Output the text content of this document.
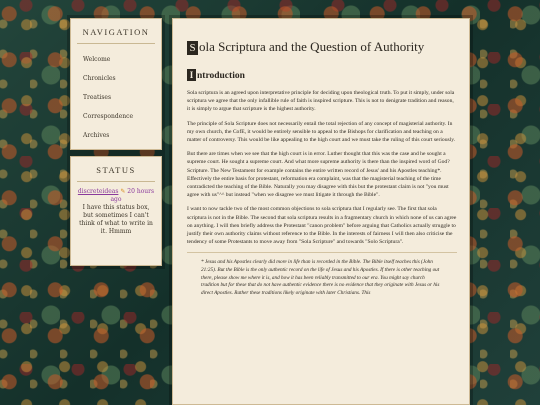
NAVIGATION
Welcome
Chronicles
Treatises
Correspondence
Archives
STATUS
discreteideas ✎ 20 hours ago
I have this status box, but sometimes I can't think of what to write in it. Hmmm
S ola Scriptura and the Question of Authority
I ntroduction

Sola scriptura is an agreed upon interpretative principle for deciding upon theological truth. To put it simply, under sola scriptura we agree that the only infallible rule of faith is inspired scripture. This is not to denigrate tradition and reason, it is simply to argue that scripture is the highest authority.

The principle of Sola Scripture does not necessarily entail the total rejection of any concept of magisterial authority. In my own church, the CofE, it would be entirely sensible to appeal to the Bishops for clarification and teaching on a matter of controversy. This would be like appealing to the high court and we must take the ruling of this court seriously.

But there are times when we see that the high court is in error. Luther thought that this was the case and he sought a supreme court. He sought a supreme court. And what more supreme authority is there than the inspired word of God? Scripture. The New Testament for example contains the entire written record of Jesus' and his Apostles teaching*. Effectively the entire basis for protestant, reformation era complaint, was that the magisterial teaching of the time contradicted the teaching of the Bible. Naturally you may disagree with this but the protestant claim is not "you must agree with us"^^ but instead "when we disagree we must litigate it through the Bible".

I want to now tackle two of the most common objections to sola scriptura that I regularly see. The first that sola scriptura is not in the Bible. The second that sola scriptura results in a fragmentary church in which none of us can agree on anything. I will then briefly address the Protestant "canon problem" before arguing that Catholics actually struggle to justify their own authority claims without reference to the Bible. In the interests of fairness I will then also criticise the tendency of some Protestants to move away from "Sola Scripture" and towards "Solo Scriptura".

* Jesus and his Apostles clearly did more in life than is recorded in the Bible. The Bible itself teaches this (John 21:25). But the Bible is the only authentic record on the life of Jesus and his Apostles. If there is other teaching out there, please show me where it is, and how it has been reliably transmitted to our era. You might say church tradition but for these that do not have authentic evidence there is no evidence that they originate with Jesus or his direct Apostles. Rather these traditions likely originate with later Christians. This
